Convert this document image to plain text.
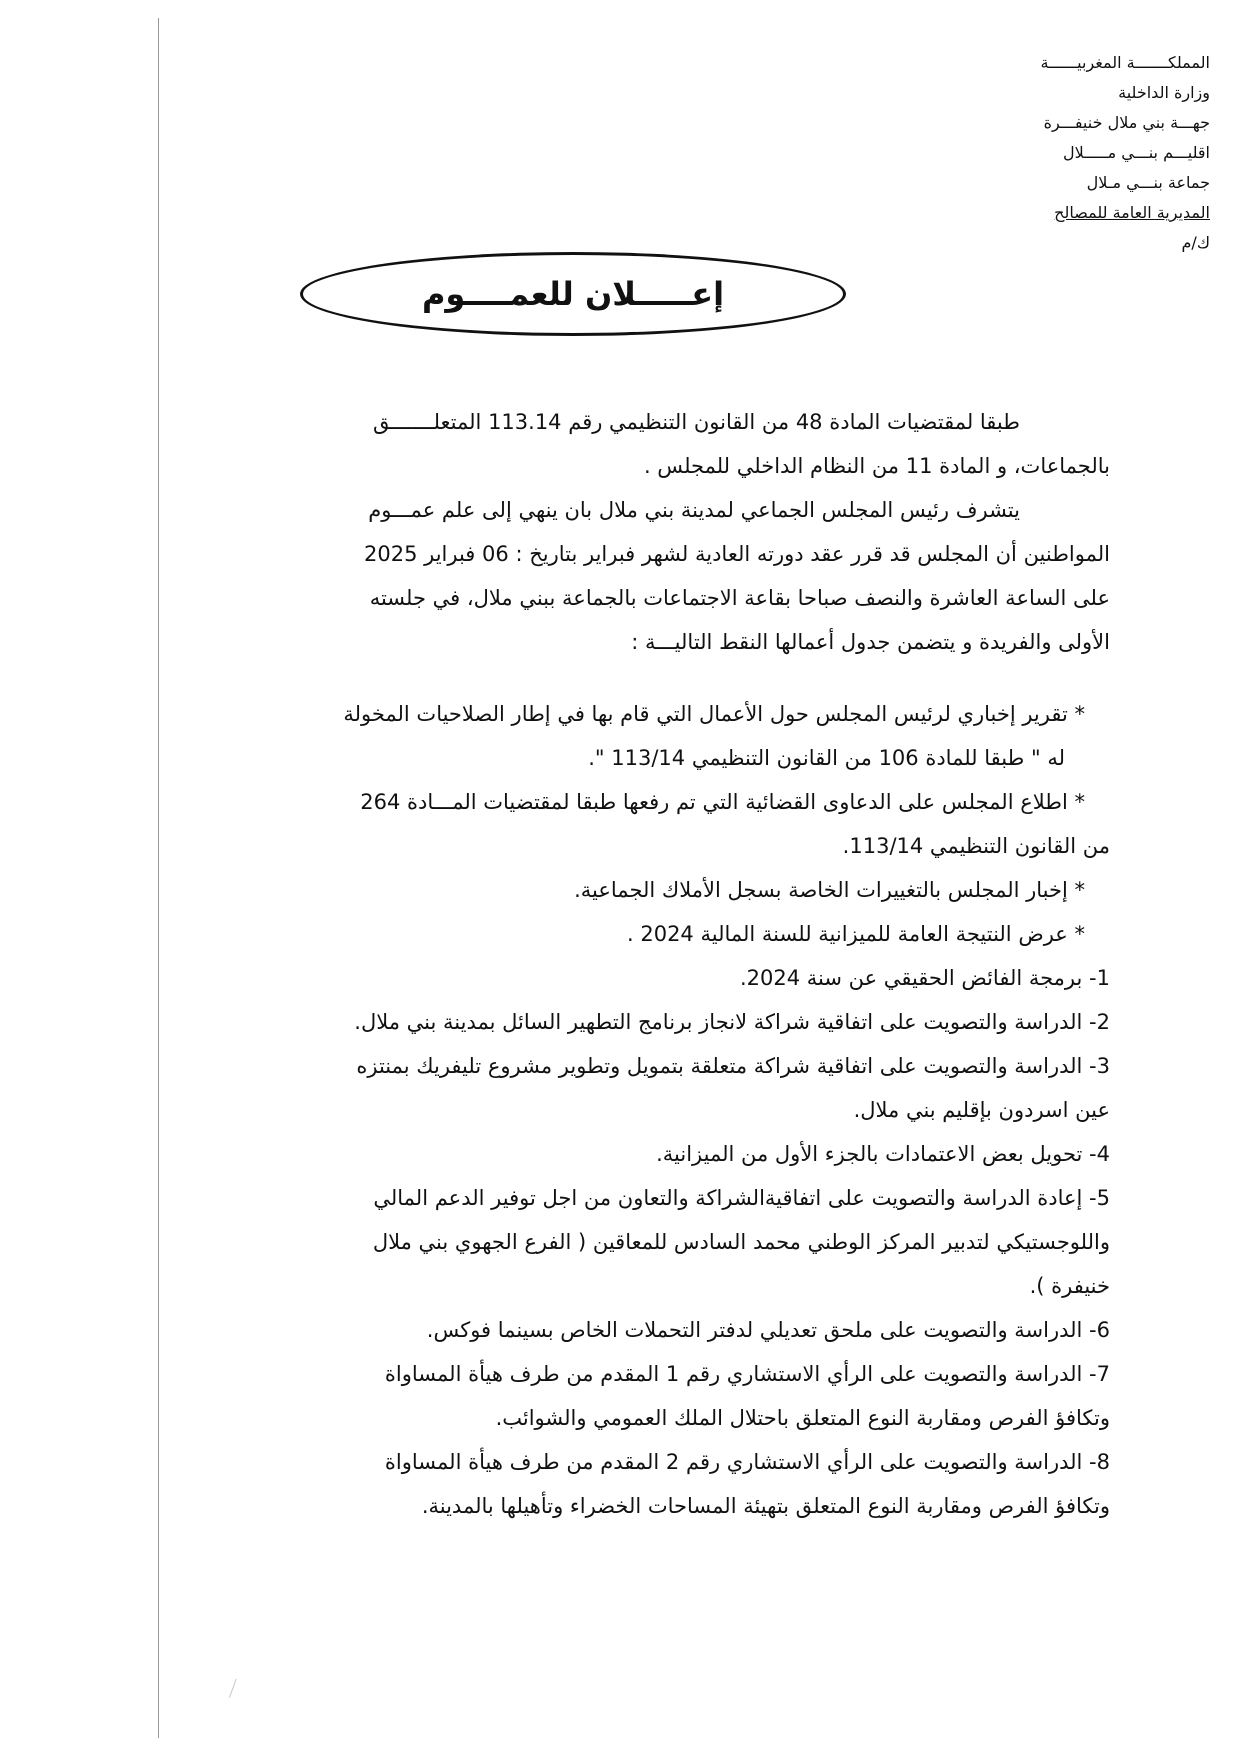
المملكـــــــة المغربيــــــة
وزارة الداخلية
جهـــة بني ملال خنيفـــرة
اقليـــم بنـــي مـــــلال
جماعة بنـــي مـلال
المديرية العامة للمصالح
ك/م
إعـــــلان للعمــــوم
طبقا لمقتضيات المادة 48 من القانون التنظيمي رقم 113.14 المتعلـــــــق
بالجماعات، و المادة 11 من النظام الداخلي للمجلس .
يتشرف رئيس المجلس الجماعي لمدينة بني ملال بان ينهي إلى علم عمـــوم
المواطنين أن المجلس قد قرر عقد دورته العادية لشهر فبراير بتاريخ : 06 فبراير 2025
على الساعة العاشرة والنصف صباحا بقاعة الاجتماعات بالجماعة ببني ملال، في جلسته
الأولى والفريدة و يتضمن جدول أعمالها النقط التاليـــة :
* تقرير إخباري لرئيس المجلس حول الأعمال التي قام بها في إطار الصلاحيات المخولة
له " طبقا للمادة 106 من القانون التنظيمي 113/14 ".
* اطلاع المجلس على الدعاوى القضائية التي تم رفعها طبقا لمقتضيات المـــادة 264
من القانون التنظيمي 113/14.
* إخبار المجلس بالتغييرات الخاصة بسجل الأملاك الجماعية.
* عرض النتيجة العامة للميزانية للسنة المالية 2024 .
1- برمجة الفائض الحقيقي عن سنة 2024.
2- الدراسة والتصويت على اتفاقية شراكة لانجاز برنامج التطهير السائل بمدينة بني ملال.
3- الدراسة والتصويت على اتفاقية شراكة متعلقة بتمويل وتطوير مشروع تليفريك بمنتزه
عين اسردون بإقليم بني ملال.
4- تحويل بعض الاعتمادات بالجزء الأول من الميزانية.
5- إعادة الدراسة والتصويت على اتفاقيةالشراكة والتعاون من اجل توفير الدعم المالي
واللوجستيكي لتدبير المركز الوطني محمد السادس للمعاقين ( الفرع الجهوي بني ملال
خنيفرة ).
6- الدراسة والتصويت على ملحق تعديلي لدفتر التحملات الخاص بسينما فوكس.
7- الدراسة والتصويت على الرأي الاستشاري رقم 1 المقدم من طرف هيأة المساواة
وتكافؤ الفرص ومقاربة النوع المتعلق باحتلال الملك العمومي والشوائب.
8- الدراسة والتصويت على الرأي الاستشاري رقم 2 المقدم من طرف هيأة المساواة
وتكافؤ الفرص ومقاربة النوع المتعلق بتهيئة المساحات الخضراء وتأهيلها بالمدينة.
